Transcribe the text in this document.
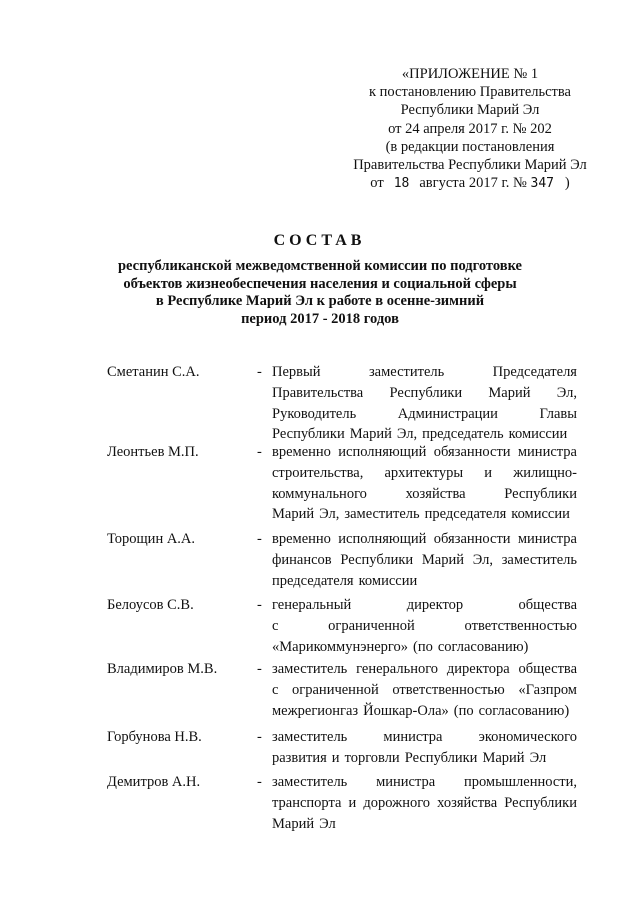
«ПРИЛОЖЕНИЕ № 1
к постановлению Правительства
Республики Марий Эл
от 24 апреля 2017 г. № 202
(в редакции постановления
Правительства Республики Марий Эл
от 18 августа 2017 г. № 347 )
СОСТАВ
республиканской межведомственной комиссии по подготовке
объектов жизнеобеспечения населения и социальной сферы
в Республике Марий Эл к работе в осенне-зимний
период 2017 - 2018 годов
Сметанин С.А.	- Первый	заместитель	Председателя
Правительства Республики Марий Эл,
Руководитель	Администрации	Главы
Республики Марий Эл, председатель комиссии
Леонтьев М.П.	- временно исполняющий обязанности министра
строительства, архитектуры и жилищно-
коммунального	хозяйства	Республики
Марий Эл, заместитель председателя комиссии
Торощин А.А.	- временно исполняющий обязанности министра
финансов Республики Марий Эл, заместитель
председателя комиссии
Белоусов С.В.	- генеральный	директор	общества
с	ограниченной	ответственностью
«Марикоммунэнерго» (по согласованию)
Владимиров М.В.	- заместитель генерального директора общества
с ограниченной ответственностью «Газпром
межрегионгаз Йошкар-Ола» (по согласованию)
Горбунова Н.В.	- заместитель министра экономического
развития и торговли Республики Марий Эл
Демитров А.Н.	- заместитель министра промышленности,
транспорта и дорожного хозяйства Республики
Марий Эл
